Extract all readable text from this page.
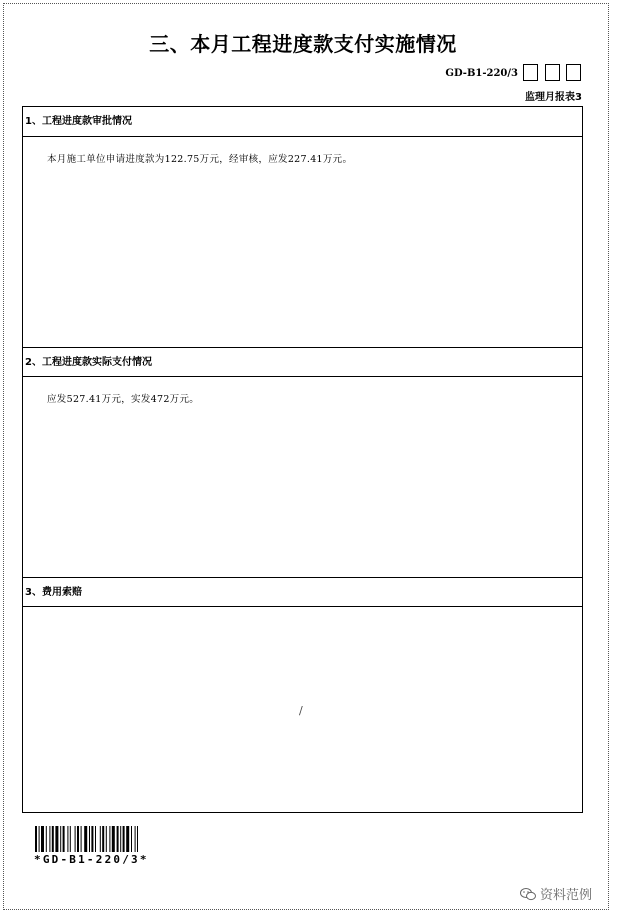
三、本月工程进度款支付实施情况
GD-B1-220/3
监理月报表3
1、工程进度款审批情况
本月施工单位申请进度款为122.75万元，经审核，应发227.41万元。
2、工程进度款实际支付情况
应发527.41万元，实发472万元。
3、费用索赔
/
*GD-B1-220/3*
资料范例
